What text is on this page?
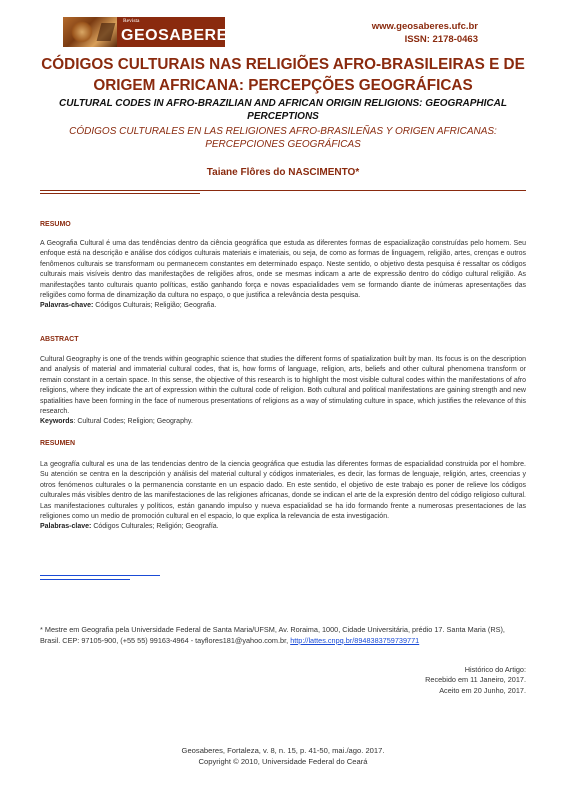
Revista
GEOSABERES
www.geosaberes.ufc.br
ISSN: 2178-0463
CÓDIGOS CULTURAIS NAS RELIGIÕES AFRO-BRASILEIRAS E DE ORIGEM AFRICANA: PERCEPÇÕES GEOGRÁFICAS
CULTURAL CODES IN AFRO-BRAZILIAN AND AFRICAN ORIGIN RELIGIONS: GEOGRAPHICAL PERCEPTIONS
CÓDIGOS CULTURALES EN LAS RELIGIONES AFRO-BRASILEÑAS Y ORIGEN AFRICANAS: PERCEPCIONES GEOGRÁFICAS
Taiane Flôres do NASCIMENTO*
RESUMO
A Geografia Cultural é uma das tendências dentro da ciência geográfica que estuda as diferentes formas de espacialização construídas pelo homem. Seu enfoque está na descrição e análise dos códigos culturais materiais e imateriais, ou seja, de como as formas de linguagem, religião, artes, crenças e outros fenômenos culturais se transformam ou permanecem constantes em determinado espaço. Neste sentido, o objetivo desta pesquisa é ressaltar os códigos culturais mais visíveis dentro das manifestações de religiões afros, onde se mesmas indicam a arte de expressão dentro do código cultural religião. As manifestações tanto culturais quanto políticas, estão ganhando força e novas espacialidades vem se formando diante de inúmeras apresentações das religiões como forma de dinamização da cultura no espaço, o que justifica a relevância desta pesquisa.
Palavras-chave: Códigos Culturais; Religião; Geografia.
ABSTRACT
Cultural Geography is one of the trends within geographic science that studies the different forms of spatialization built by man. Its focus is on the description and analysis of material and immaterial cultural codes, that is, how forms of language, religion, arts, beliefs and other cultural phenomena transform or remain constant in a certain space. In this sense, the objective of this research is to highlight the most visible cultural codes within the manifestations of afro religions, where they indicate the art of expression within the cultural code of religion. Both cultural and political manifestations are gaining strength and new spatialities have been forming in the face of numerous presentations of religions as a way of stimulating culture in space, which justifies the relevance of this research.
Keywords: Cultural Codes; Religion; Geography.
RESUMEN
La geografía cultural es una de las tendencias dentro de la ciencia geográfica que estudia las diferentes formas de espacialidad construida por el hombre. Su atención se centra en la descripción y análisis del material cultural y códigos inmateriales, es decir, las formas de lenguaje, religión, artes, creencias y otros fenómenos culturales o la permanencia constante en un espacio dado. En este sentido, el objetivo de este trabajo es poner de relieve los códigos culturales más visibles dentro de las manifestaciones de las religiones africanas, donde se indican el arte de la expresión dentro del código religioso cultural. Las manifestaciones culturales y políticos, están ganando impulso y nueva espacialidad se ha ido formando frente a numerosas presentaciones de las religiones como un medio de promoción cultural en el espacio, lo que explica la relevancia de esta investigación.
Palabras-clave: Códigos Culturales; Religión; Geografía.
* Mestre em Geografia pela Universidade Federal de Santa Maria/UFSM, Av. Roraima, 1000, Cidade Universitária, prédio 17. Santa Maria (RS), Brasil. CEP: 97105-900, (+55 55) 99163-4964 - tayflores181@yahoo.com.br, http://lattes.cnpq.br/8948383759739771
Histórico do Artigo:
Recebido em 11 Janeiro, 2017.
Aceito em 20 Junho, 2017.
Geosaberes, Fortaleza, v. 8, n. 15, p. 41-50, mai./ago. 2017.
Copyright © 2010, Universidade Federal do Ceará
